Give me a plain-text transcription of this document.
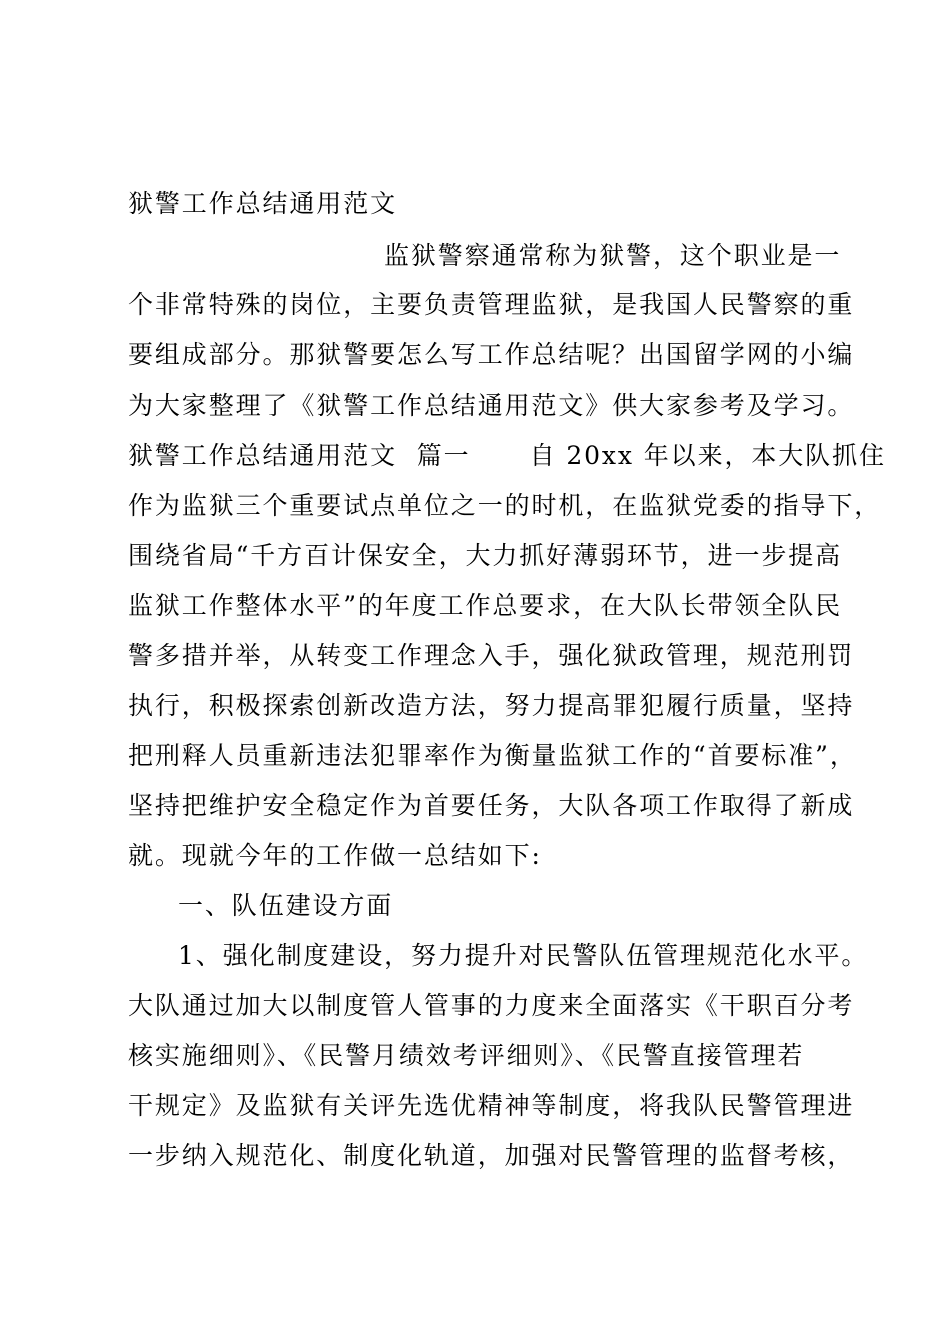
狱警工作总结通用范文
监狱警察通常称为狱警，这个职业是一
个非常特殊的岗位，主要负责管理监狱，是我国人民警察的重
要组成部分。那狱警要怎么写工作总结呢？出国留学网的小编
为大家整理了《狱警工作总结通用范文》供大家参考及学习。
狱警工作总结通用范文  篇一      自 20xx 年以来，本大队抓住
作为监狱三个重要试点单位之一的时机，在监狱党委的指导下，
围绕省局“千方百计保安全，大力抓好薄弱环节，进一步提高
监狱工作整体水平”的年度工作总要求，在大队长带领全队民
警多措并举，从转变工作理念入手，强化狱政管理，规范刑罚
执行，积极探索创新改造方法，努力提高罪犯履行质量，坚持
把刑释人员重新违法犯罪率作为衡量监狱工作的“首要标准”，
坚持把维护安全稳定作为首要任务，大队各项工作取得了新成
就。现就今年的工作做一总结如下:
一、队伍建设方面
1、强化制度建设，努力提升对民警队伍管理规范化水平。
大队通过加大以制度管人管事的力度来全面落实《干职百分考
核实施细则》、《民警月绩效考评细则》、《民警直接管理若
干规定》及监狱有关评先选优精神等制度，将我队民警管理进
一步纳入规范化、制度化轨道，加强对民警管理的监督考核，
